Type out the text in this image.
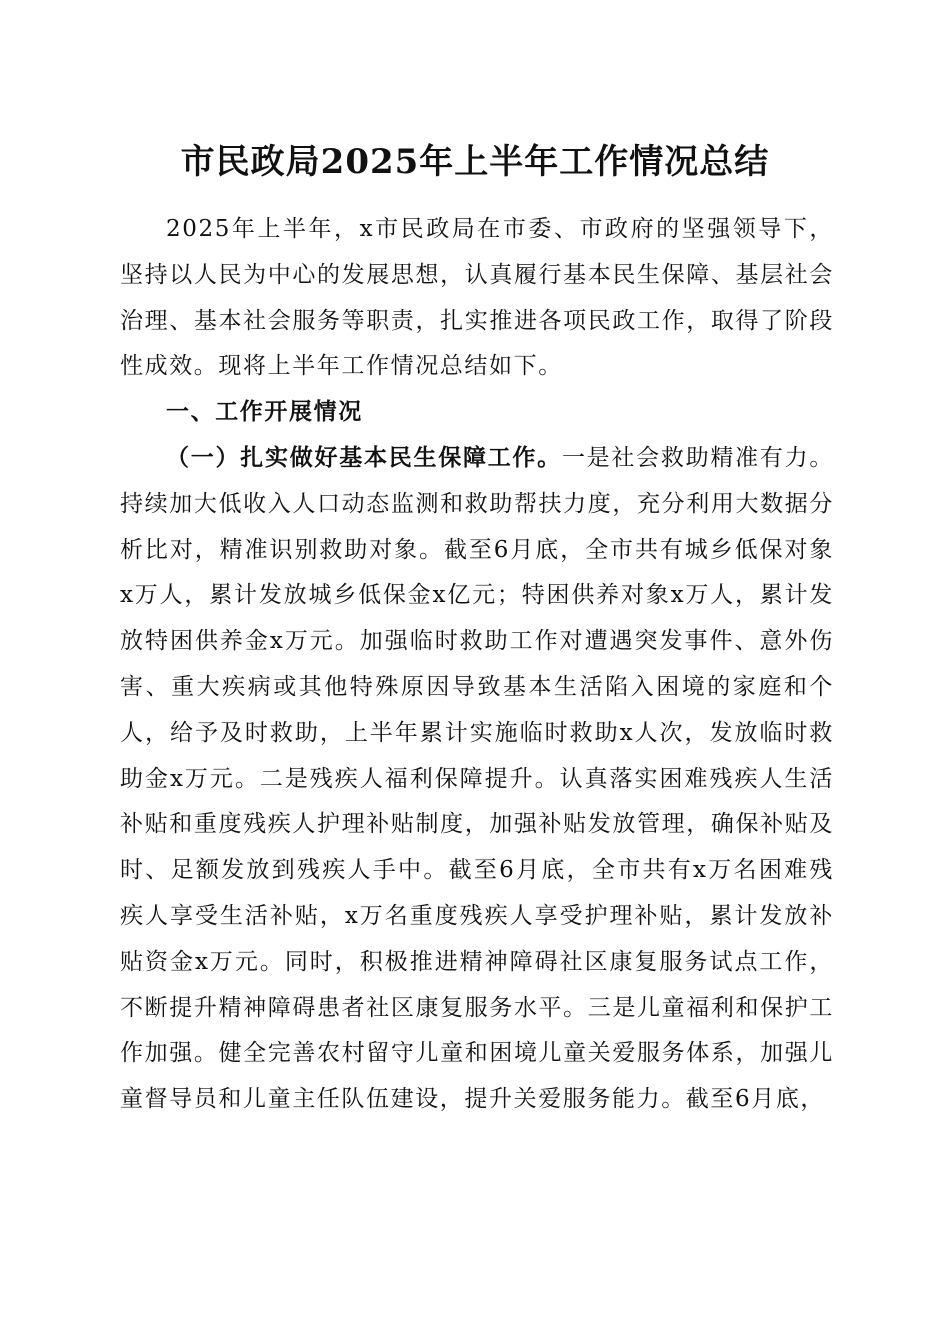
市民政局2025年上半年工作情况总结

2025年上半年，x市民政局在市委、市政府的坚强领导下，坚持以人民为中心的发展思想，认真履行基本民生保障、基层社会治理、基本社会服务等职责，扎实推进各项民政工作，取得了阶段性成效。现将上半年工作情况总结如下。

一、工作开展情况

（一）扎实做好基本民生保障工作。一是社会救助精准有力。持续加大低收入人口动态监测和救助帮扶力度，充分利用大数据分析比对，精准识别救助对象。截至6月底，全市共有城乡低保对象x万人，累计发放城乡低保金x亿元；特困供养对象x万人，累计发放特困供养金x万元。加强临时救助工作对遭遇突发事件、意外伤害、重大疾病或其他特殊原因导致基本生活陷入困境的家庭和个人，给予及时救助，上半年累计实施临时救助x人次，发放临时救助金x万元。二是残疾人福利保障提升。认真落实困难残疾人生活补贴和重度残疾人护理补贴制度，加强补贴发放管理，确保补贴及时、足额发放到残疾人手中。截至6月底，全市共有x万名困难残疾人享受生活补贴，x万名重度残疾人享受护理补贴，累计发放补贴资金x万元。同时，积极推进精神障碍社区康复服务试点工作，不断提升精神障碍患者社区康复服务水平。三是儿童福利和保护工作加强。健全完善农村留守儿童和困境儿童关爱服务体系，加强儿童督导员和儿童主任队伍建设，提升关爱服务能力。截至6月底，
